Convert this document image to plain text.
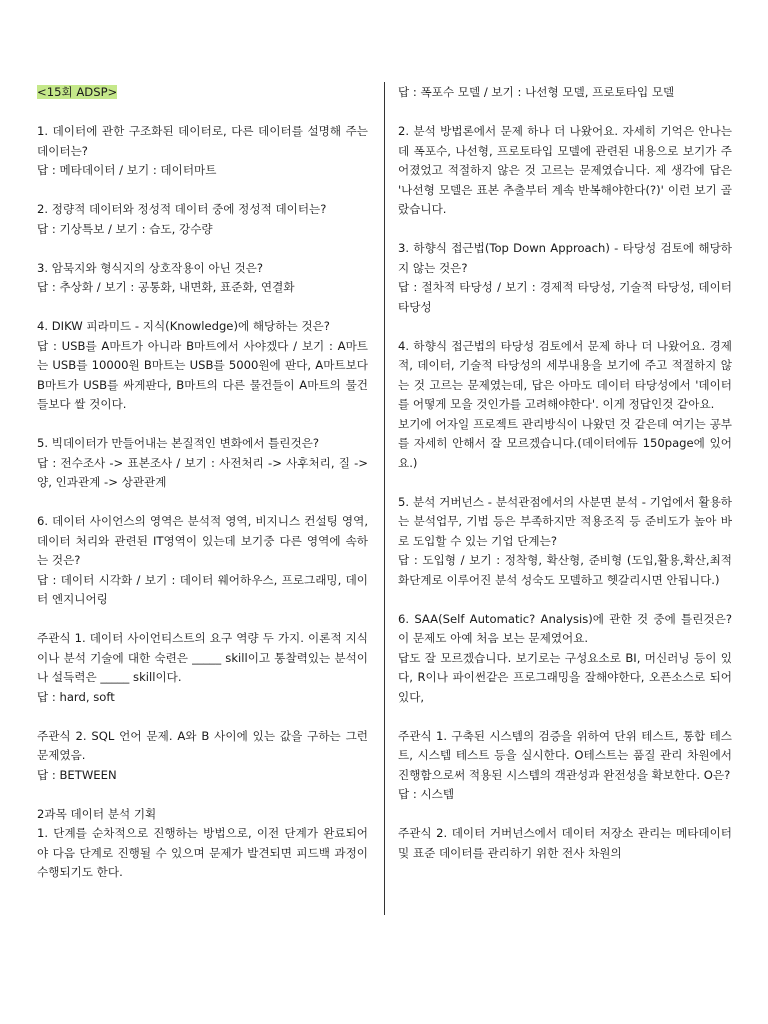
<15회 ADSP>
1. 데이터에 관한 구조화된 데이터로, 다른 데이터를 설명해 주는 데이터는?
답 : 메타데이터 / 보기 : 데이터마트
2. 정량적 데이터와 정성적 데이터 중에 정성적 데이터는?
답 : 기상특보 / 보기 : 습도, 강수량
3. 암묵지와 형식지의 상호작용이 아닌 것은?
답 : 추상화 / 보기 : 공통화, 내면화, 표준화, 연결화
4. DIKW 피라미드 - 지식(Knowledge)에 해당하는 것은?
답 : USB를 A마트가 아니라 B마트에서 사야겠다 / 보기 : A마트는 USB를 10000원 B마트는 USB를 5000원에 판다, A마트보다 B마트가 USB를 싸게판다, B마트의 다른 물건들이 A마트의 물건들보다 쌀 것이다.
5. 빅데이터가 만들어내는 본질적인 변화에서 틀린것은?
답 : 전수조사 -> 표본조사 / 보기 : 사전처리 -> 사후처리, 질 -> 양, 인과관계 -> 상관관계
6. 데이터 사이언스의 영역은 분석적 영역, 비지니스 컨설팅 영역, 데이터 처리와 관련된 IT영역이 있는데 보기중 다른 영역에 속하는 것은?
답 : 데이터 시각화 / 보기 : 데이터 웨어하우스, 프로그래밍, 데이터 엔지니어링
주관식 1. 데이터 사이언티스트의 요구 역량 두 가지. 이론적 지식이나 분석 기술에 대한 숙련은 _____ skill이고 통찰력있는 분석이나 설득력은 _____ skill이다.
답 : hard, soft
주관식 2. SQL 언어 문제. A와 B 사이에 있는 값을 구하는 그런 문제였음.
답 : BETWEEN
2과목 데이터 분석 기획
1. 단계를 순차적으로 진행하는 방법으로, 이전 단계가 완료되어야 다음 단계로 진행될 수 있으며 문제가 발견되면 피드백 과정이 수행되기도 한다.
답 : 폭포수 모델 / 보기 : 나선형 모델, 프로토타입 모델
2. 분석 방법론에서 문제 하나 더 나왔어요. 자세히 기억은 안나는데 폭포수, 나선형, 프로토타입 모델에 관련된 내용으로 보기가 주어졌었고 적절하지 않은 것 고르는 문제였습니다. 제 생각에 답은 '나선형 모델은 표본 추출부터 계속 반복해야한다(?)' 이런 보기 골랐습니다.
3. 하향식 접근법(Top Down Approach) - 타당성 검토에 해당하지 않는 것은?
답 : 절차적 타당성 / 보기 : 경제적 타당성, 기술적 타당성, 데이터 타당성
4. 하향식 접근법의 타당성 검토에서 문제 하나 더 나왔어요. 경제적, 데이터, 기술적 타당성의 세부내용을 보기에 주고 적절하지 않는 것 고르는 문제였는데, 답은 아마도 데이터 타당성에서 '데이터를 어떻게 모을 것인가를 고려해야한다'. 이게 정답인것 같아요.
보기에 어자일 프로젝트 관리방식이 나왔던 것 같은데 여기는 공부를 자세히 안해서 잘 모르겠습니다.(데이터에듀 150page에 있어요.)
5. 분석 거버넌스 - 분석관점에서의 사분면 분석 - 기업에서 활용하는 분석업무, 기법 등은 부족하지만 적용조직 등 준비도가 높아 바로 도입할 수 있는 기업 단계는?
답 : 도입형 / 보기 : 정착형, 확산형, 준비형 (도입,활용,확산,최적화단계로 이루어진 분석 성숙도 모델하고 헷갈리시면 안됩니다.)
6. SAA(Self Automatic? Analysis)에 관한 것 중에 틀린것은? 이 문제도 아예 처음 보는 문제였어요.
답도 잘 모르겠습니다. 보기로는 구성요소로 BI, 머신러닝 등이 있다, R이나 파이썬같은 프로그래밍을 잘해야한다, 오픈소스로 되어있다,
주관식 1. 구축된 시스템의 검증을 위하여 단위 테스트, 통합 테스트, 시스템 테스트 등을 실시한다. O테스트는 품질 관리 차원에서 진행함으로써 적용된 시스템의 객관성과 완전성을 확보한다. O은?
답 : 시스템
주관식 2. 데이터 거버넌스에서 데이터 저장소 관리는 메타데이터 및 표준 데이터를 관리하기 위한 전사 차원의
